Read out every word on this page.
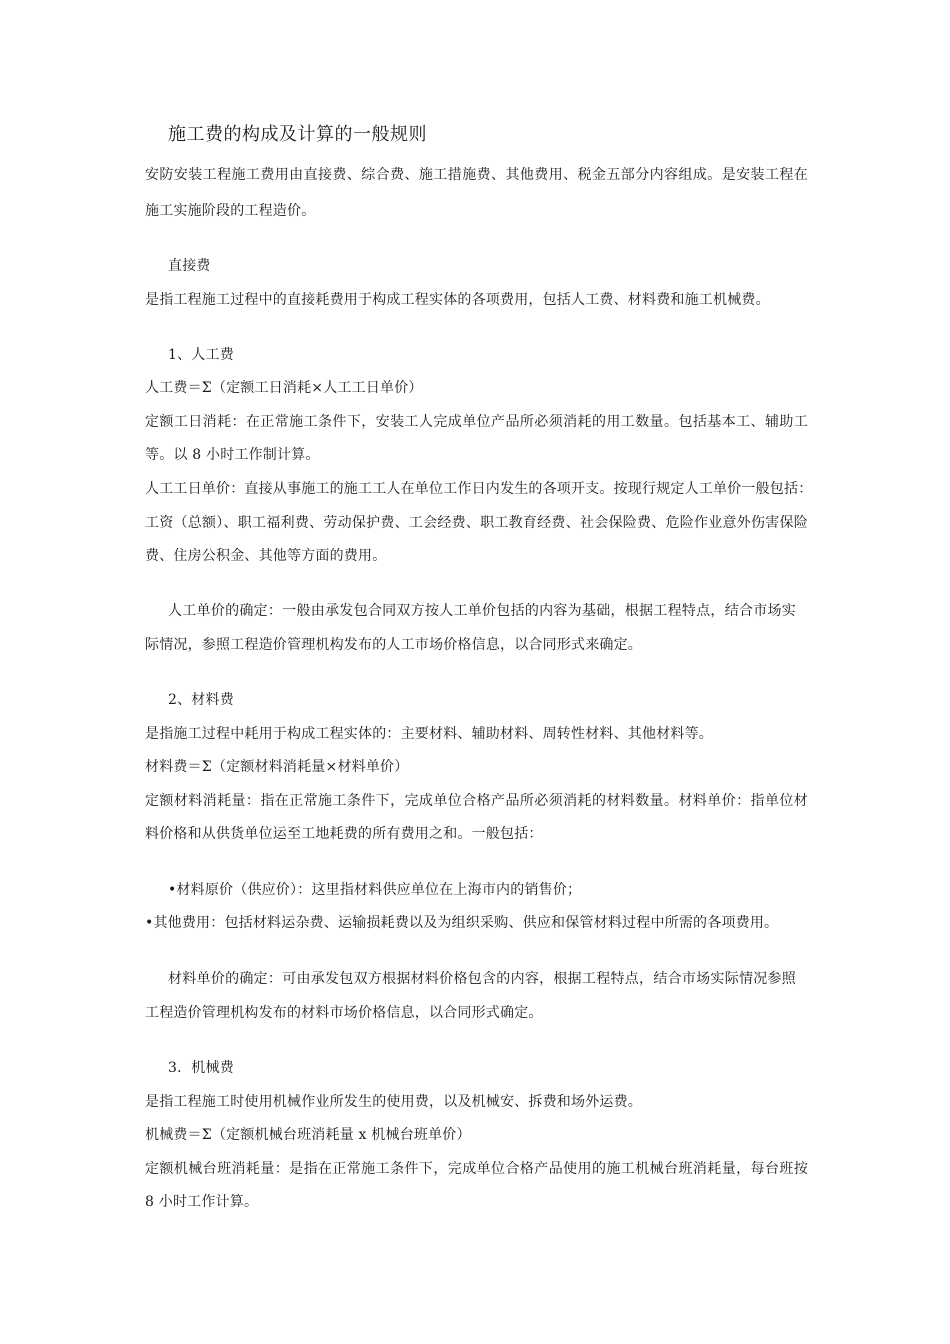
施工费的构成及计算的一般规则
安防安装工程施工费用由直接费、综合费、施工措施费、其他费用、税金五部分内容组成。是安装工程在
施工实施阶段的工程造价。
直接费
是指工程施工过程中的直接耗费用于构成工程实体的各项费用，包括人工费、材料费和施工机械费。
1、人工费
人工费＝Σ（定额工日消耗×人工工日单价）
定额工日消耗：在正常施工条件下，安装工人完成单位产品所必须消耗的用工数量。包括基本工、辅助工
等。以 8 小时工作制计算。
人工工日单价：直接从事施工的施工工人在单位工作日内发生的各项开支。按现行规定人工单价一般包括：
工资（总额）、职工福利费、劳动保护费、工会经费、职工教育经费、社会保险费、危险作业意外伤害保险
费、住房公积金、其他等方面的费用。
人工单价的确定：一般由承发包合同双方按人工单价包括的内容为基础，根据工程特点，结合市场实
际情况，参照工程造价管理机构发布的人工市场价格信息，以合同形式来确定。
2、材料费
是指施工过程中耗用于构成工程实体的：主要材料、辅助材料、周转性材料、其他材料等。
材料费＝Σ（定额材料消耗量×材料单价）
定额材料消耗量：指在正常施工条件下，完成单位合格产品所必须消耗的材料数量。材料单价：指单位材
料价格和从供货单位运至工地耗费的所有费用之和。一般包括：
•材料原价（供应价）：这里指材料供应单位在上海市内的销售价；
•其他费用：包括材料运杂费、运输损耗费以及为组织采购、供应和保管材料过程中所需的各项费用。
材料单价的确定：可由承发包双方根据材料价格包含的内容，根据工程特点，结合市场实际情况参照
工程造价管理机构发布的材料市场价格信息，以合同形式确定。
3．机械费
是指工程施工时使用机械作业所发生的使用费，以及机械安、拆费和场外运费。
机械费＝Σ（定额机械台班消耗量 x 机械台班单价）
定额机械台班消耗量：是指在正常施工条件下，完成单位合格产品使用的施工机械台班消耗量，每台班按
8 小时工作计算。
